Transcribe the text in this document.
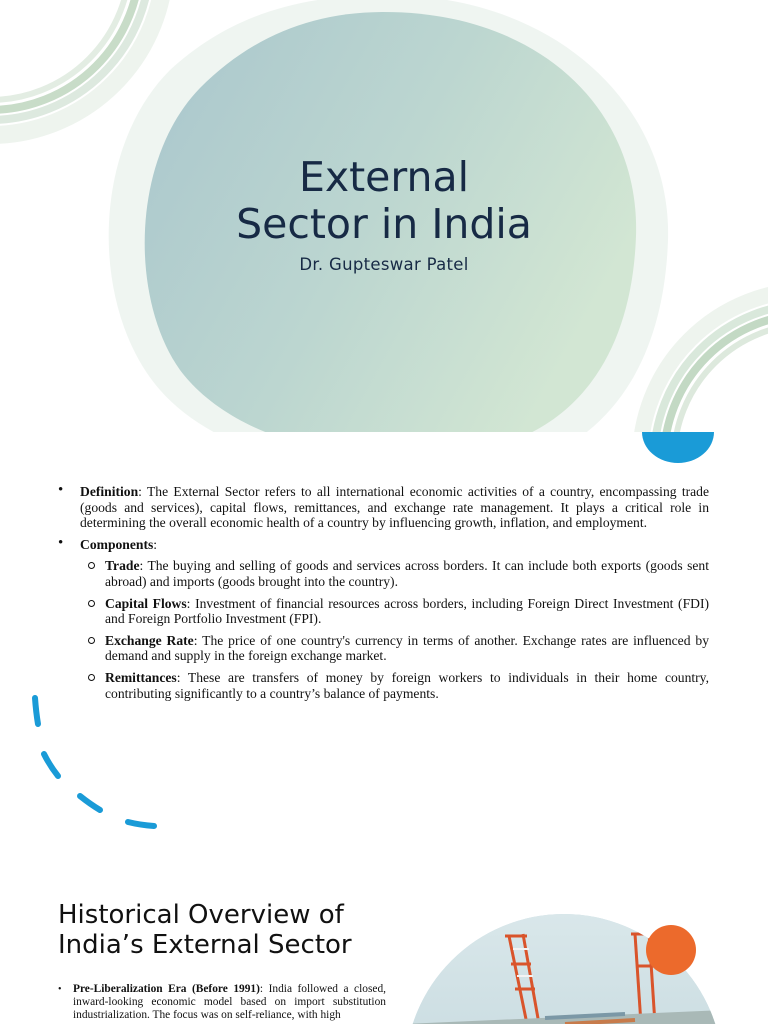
External
Sector in India
Dr. Gupteswar Patel
• Definition: The External Sector refers to all international economic activities of a country, encompassing trade (goods and services), capital flows, remittances, and exchange rate management. It plays a critical role in determining the overall economic health of a country by influencing growth, inflation, and employment.
• Components:
Trade: The buying and selling of goods and services across borders. It can include both exports (goods sent abroad) and imports (goods brought into the country).
Capital Flows: Investment of financial resources across borders, including Foreign Direct Investment (FDI) and Foreign Portfolio Investment (FPI).
Exchange Rate: The price of one country's currency in terms of another. Exchange rates are influenced by demand and supply in the foreign exchange market.
Remittances: These are transfers of money by foreign workers to individuals in their home country, contributing significantly to a country’s balance of payments.
Historical Overview of
India’s External Sector
• Pre-Liberalization Era (Before 1991): India followed a closed, inward-looking economic model based on import substitution industrialization. The focus was on self-reliance, with high
